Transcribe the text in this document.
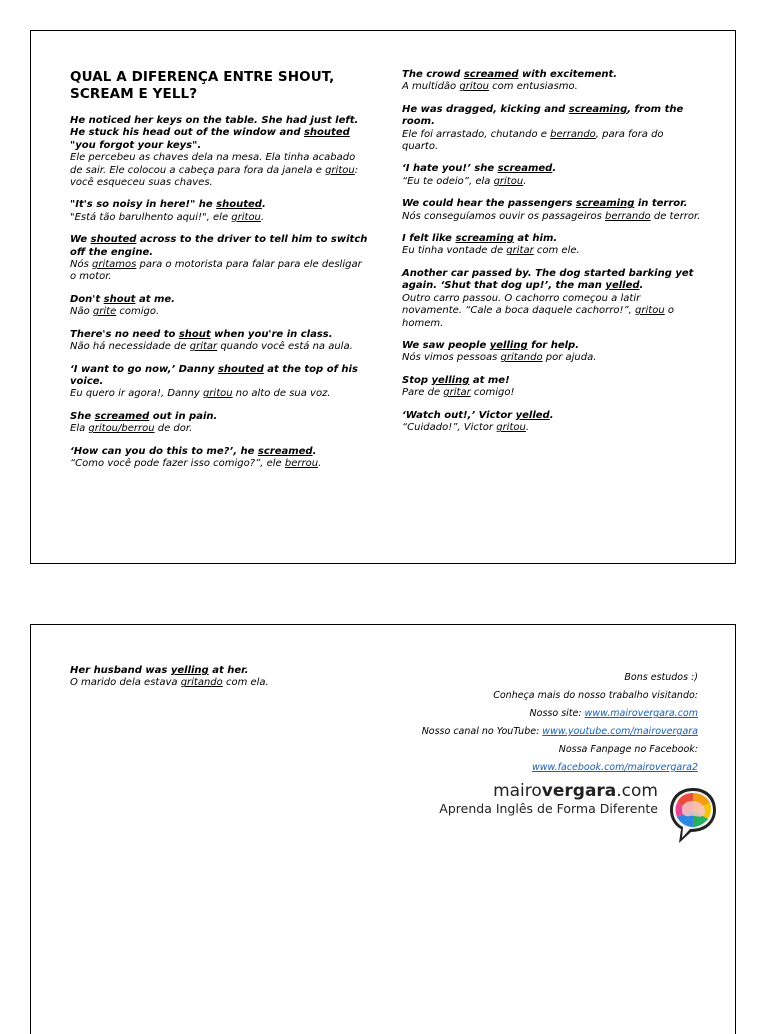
QUAL A DIFERENÇA ENTRE SHOUT, SCREAM E YELL?
He noticed her keys on the table. She had just left. He stuck his head out of the window and shouted "you forgot your keys".
Ele percebeu as chaves dela na mesa. Ela tinha acabado de sair. Ele colocou a cabeça para fora da janela e gritou: você esqueceu suas chaves.
"It's so noisy in here!" he shouted.
"Está tão barulhento aqui!", ele gritou.
We shouted across to the driver to tell him to switch off the engine.
Nós gritamos para o motorista para falar para ele desligar o motor.
Don't shout at me.
Não grite comigo.
There's no need to shout when you're in class.
Não há necessidade de gritar quando você está na aula.
‘I want to go now,’ Danny shouted at the top of his voice.
Eu quero ir agora!, Danny gritou no alto de sua voz.
She screamed out in pain.
Ela gritou/berrou de dor.
‘How can you do this to me?’, he screamed.
“Como você pode fazer isso comigo?”, ele berrou.
The crowd screamed with excitement.
A multidão gritou com entusiasmo.
He was dragged, kicking and screaming, from the room.
Ele foi arrastado, chutando e berrando, para fora do quarto.
‘I hate you!’ she screamed.
“Eu te odeio”, ela gritou.
We could hear the passengers screaming in terror.
Nós conseguíamos ouvir os passageiros berrando de terror.
I felt like screaming at him.
Eu tinha vontade de gritar com ele.
Another car passed by. The dog started barking yet again. ‘Shut that dog up!’, the man yelled.
Outro carro passou. O cachorro começou a latir novamente. “Cale a boca daquele cachorro!”, gritou o homem.
We saw people yelling for help.
Nós vimos pessoas gritando por ajuda.
Stop yelling at me!
Pare de gritar comigo!
‘Watch out!,’ Victor yelled.
“Cuidado!”, Victor gritou.
Her husband was yelling at her.
O marido dela estava gritando com ela.	Bons estudos :)
Conheça mais do nosso trabalho visitando:
Nosso site: www.mairovergara.com
Nosso canal no YouTube: www.youtube.com/mairovergara
Nossa Fanpage no Facebook:
www.facebook.com/mairovergara2
mairovergara.com
Aprenda Inglês de Forma Diferente
